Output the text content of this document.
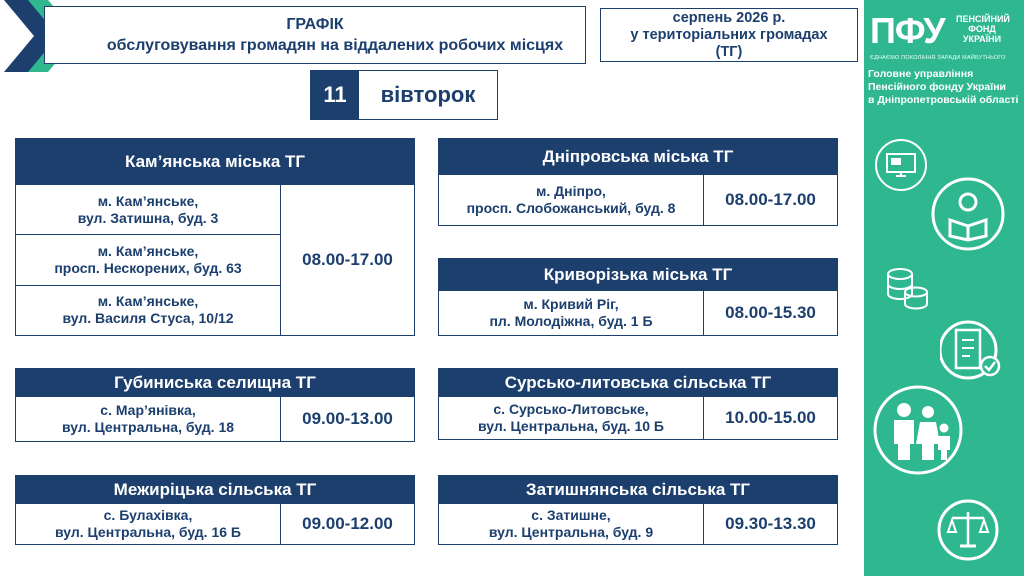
ГРАФІК
обслуговування громадян на віддалених робочих місцях
серпень 2026 р.
у територіальних громадах
(ТГ)
11	вівторок
Кам’янська міська ТГ
м. Кам’янське,
вул. Затишна, буд. 3
м. Кам’янське,
просп. Нескорених, буд. 63
м. Кам’янське,
вул. Василя Стуса, 10/12
08.00-17.00
Дніпровська міська ТГ
м. Дніпро,
просп. Слобожанський, буд. 8	08.00-17.00
Криворізька міська ТГ
м. Кривий Ріг,
пл. Молодіжна, буд. 1 Б	08.00-15.30
Губиниська селищна ТГ
с. Мар’янівка,
вул. Центральна, буд. 18	09.00-13.00
Сурсько-литовська сільська ТГ
с. Сурсько-Литовське,
вул. Центральна, буд. 10 Б	10.00-15.00
Межиріцька сільська ТГ
с. Булахівка,
вул. Центральна, буд. 16 Б	09.00-12.00
Затишнянська сільська ТГ
с. Затишне,
вул. Центральна, буд. 9	09.30-13.30
ПФУ ПЕНСІЙНИЙ
ФОНД
УКРАЇНИ
ЄДНАЄМО ПОКОЛІННЯ ЗАРАДИ МАЙБУТНЬОГО
Головне управління
Пенсійного фонду України
в Дніпропетровській області
